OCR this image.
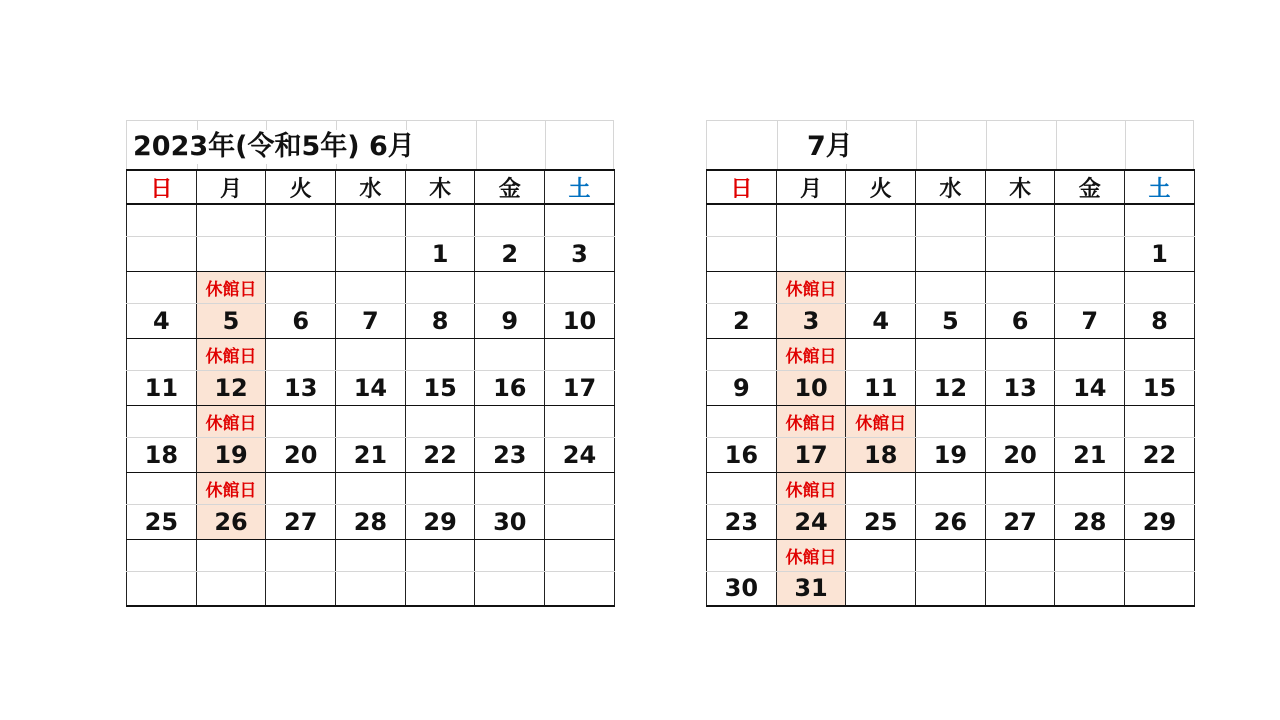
2023年(令和5年) 6月
日	月	火	水	木	金	土

				1	2	3
	休館日					
4	5	6	7	8	9	10
	休館日					
11	12	13	14	15	16	17
	休館日					
18	19	20	21	22	23	24
	休館日					
25	26	27	28	29	30	

7月
日	月	火	水	木	金	土

						1
	休館日					
2	3	4	5	6	7	8
	休館日					
9	10	11	12	13	14	15
	休館日	休館日				
16	17	18	19	20	21	22
	休館日					
23	24	25	26	27	28	29
	休館日					
30	31					
